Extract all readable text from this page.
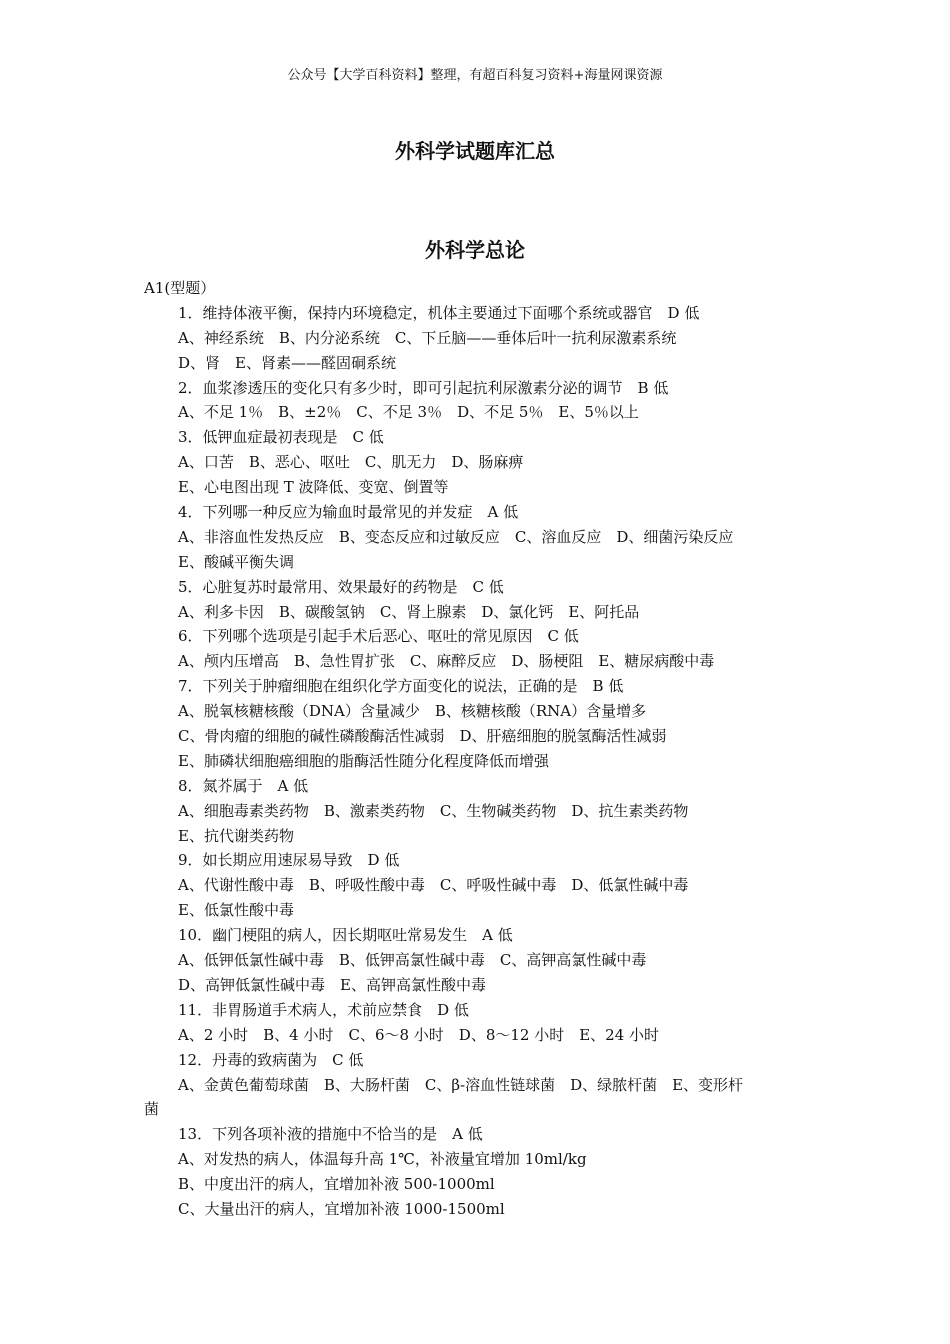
公众号【大学百科资料】整理，有超百科复习资料+海量网课资源
外科学试题库汇总
外科学总论
A1(型题）
1．维持体液平衡，保持内环境稳定，机体主要通过下面哪个系统或器官　D 低
A、神经系统　B、内分泌系统　C、下丘脑——垂体后叶一抗利尿激素系统
D、肾　E、肾素——醛固硐系统
2．血浆渗透压的变化只有多少时，即可引起抗利尿激素分泌的调节　B 低
A、不足 1％　B、±2％　C、不足 3％　D、不足 5％　E、5％以上
3．低钾血症最初表现是　C 低
A、口苦　B、恶心、呕吐　C、肌无力　D、肠麻痹
E、心电图出现 T 波降低、变宽、倒置等
4．下列哪一种反应为输血时最常见的并发症　A 低
A、非溶血性发热反应　B、变态反应和过敏反应　C、溶血反应　D、细菌污染反应
E、酸碱平衡失调
5．心脏复苏时最常用、效果最好的药物是　C 低
A、利多卡因　B、碳酸氢钠　C、肾上腺素　D、氯化钙　E、阿托品
6．下列哪个选项是引起手术后恶心、呕吐的常见原因　C 低
A、颅内压增高　B、急性胃扩张　C、麻醉反应　D、肠梗阻　E、糖尿病酸中毒
7．下列关于肿瘤细胞在组织化学方面变化的说法，正确的是　B 低
A、脱氧核糖核酸（DNA）含量减少　B、核糖核酸（RNA）含量增多
C、骨肉瘤的细胞的碱性磷酸酶活性减弱　D、肝癌细胞的脱氢酶活性减弱
E、肺磷状细胞癌细胞的脂酶活性随分化程度降低而增强
8．氮芥属于　A 低
A、细胞毒素类药物　B、激素类药物　C、生物碱类药物　D、抗生素类药物
E、抗代谢类药物
9．如长期应用速尿易导致　D 低
A、代谢性酸中毒　B、呼吸性酸中毒　C、呼吸性碱中毒　D、低氯性碱中毒
E、低氯性酸中毒
10．幽门梗阻的病人，因长期呕吐常易发生　A 低
A、低钾低氯性碱中毒　B、低钾高氯性碱中毒　C、高钾高氯性碱中毒
D、高钾低氯性碱中毒　E、高钾高氯性酸中毒
11．非胃肠道手术病人，术前应禁食　D 低
A、2 小时　B、4 小时　C、6～8 小时　D、8～12 小时　E、24 小时
12．丹毒的致病菌为　C 低
A、金黄色葡萄球菌　B、大肠杆菌　C、β-溶血性链球菌　D、绿脓杆菌　E、变形杆
菌
13．下列各项补液的措施中不恰当的是　A 低
A、对发热的病人，体温每升高 1℃，补液量宜增加 10ml/kg
B、中度出汗的病人，宜增加补液 500-1000ml
C、大量出汗的病人，宜增加补液 1000-1500ml
